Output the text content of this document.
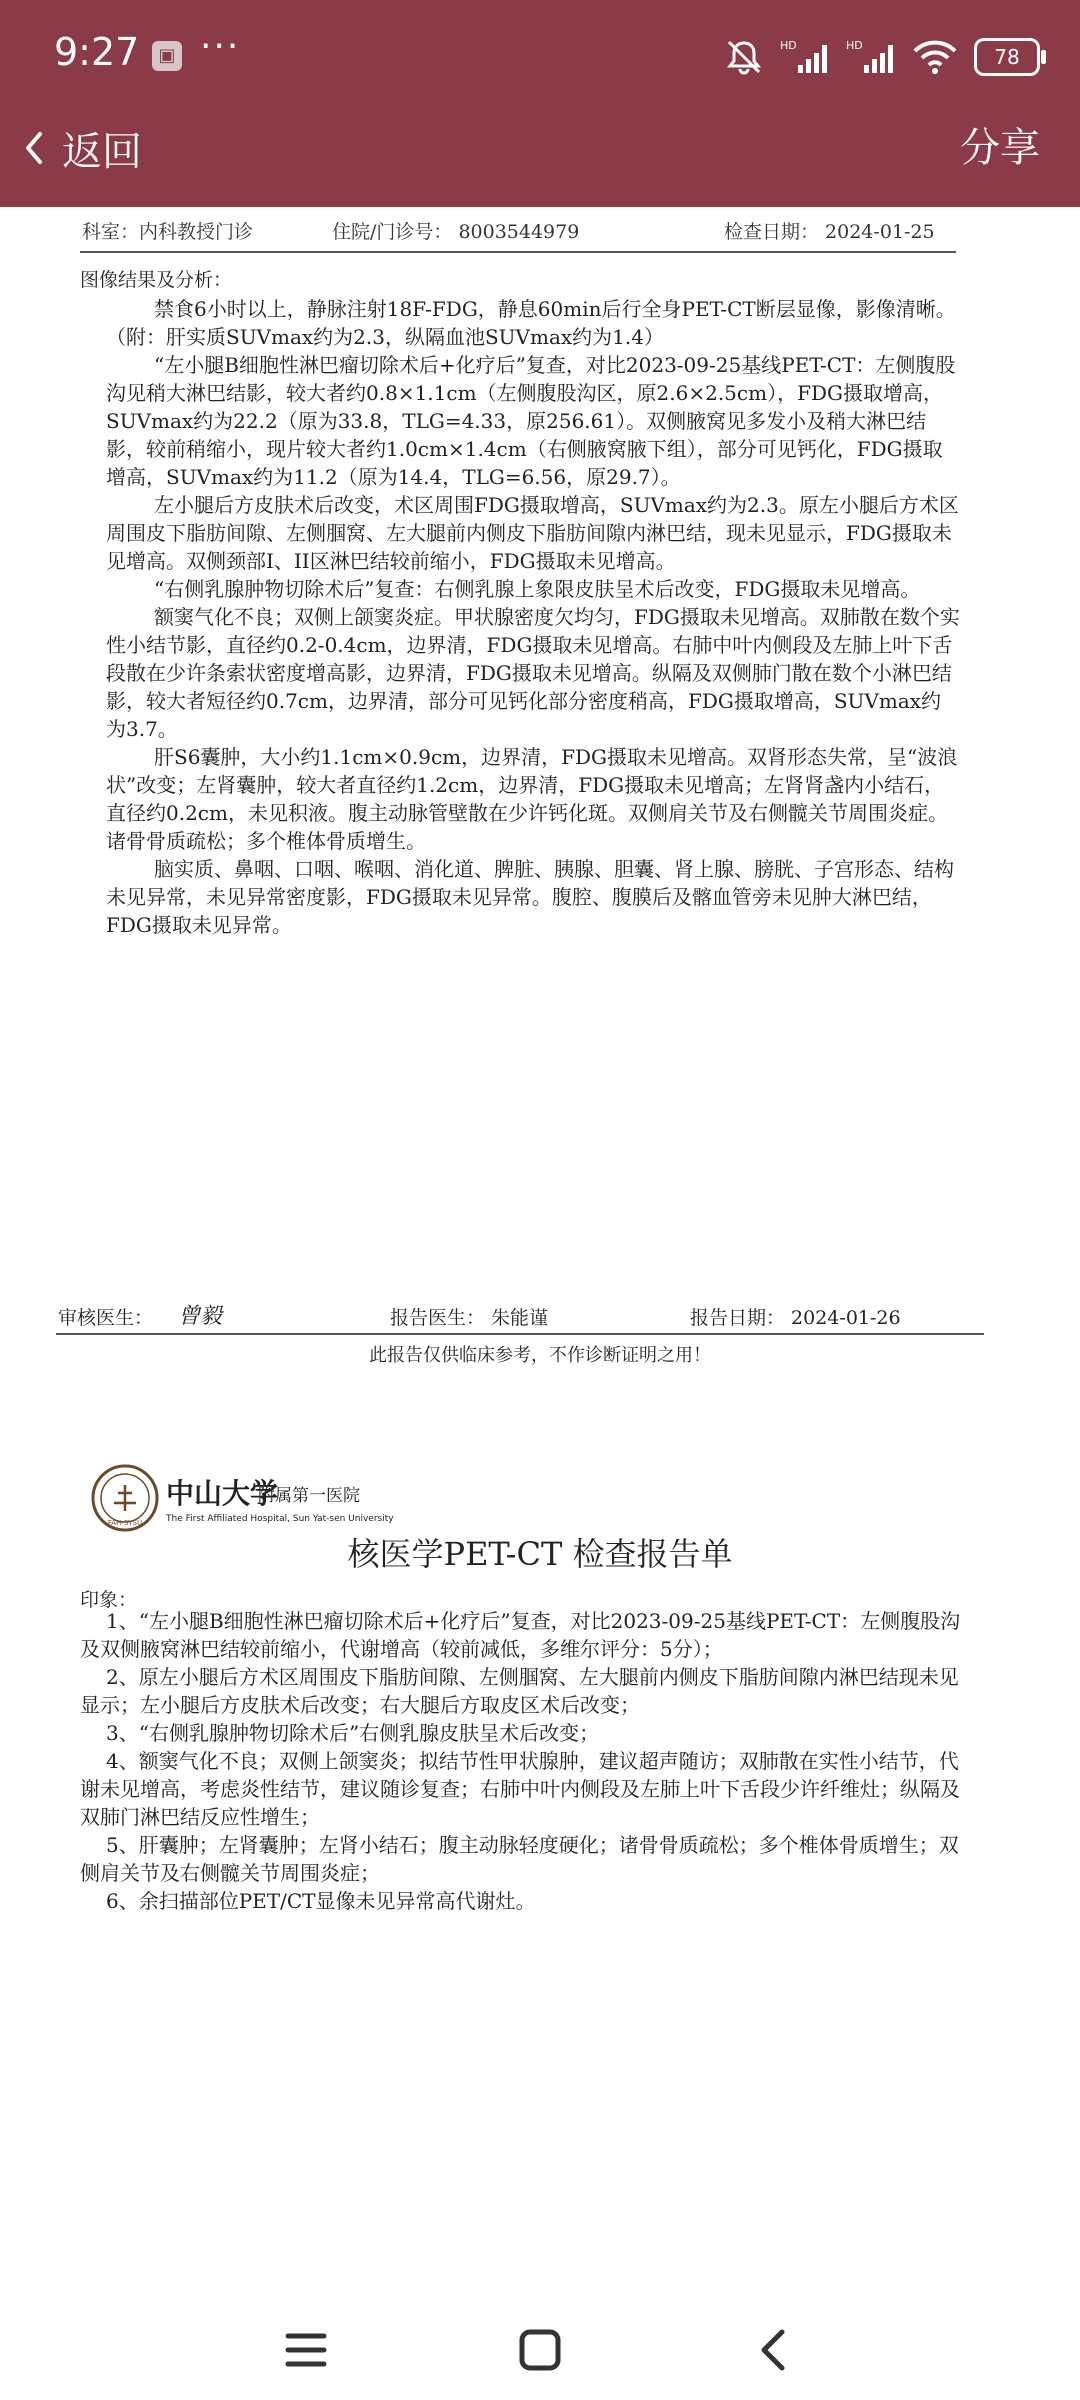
9:27	▣ ···	HD	HD	78
返回	分享
科室：内科教授门诊	住院/门诊号： 8003544979	检查日期： 2024-01-25
图像结果及分析：

禁食6小时以上，静脉注射18F-FDG，静息60min后行全身PET-CT断层显像，影像清晰。（附：肝实质SUVmax约为2.3，纵隔血池SUVmax约为1.4）

“左小腿B细胞性淋巴瘤切除术后+化疗后”复查，对比2023-09-25基线PET-CT：左侧腹股沟见稍大淋巴结影，较大者约0.8×1.1cm（左侧腹股沟区，原2.6×2.5cm），FDG摄取增高，SUVmax约为22.2（原为33.8，TLG=4.33，原256.61）。双侧腋窝见多发小及稍大淋巴结影，较前稍缩小，现片较大者约1.0cm×1.4cm（右侧腋窝腋下组），部分可见钙化，FDG摄取增高，SUVmax约为11.2（原为14.4，TLG=6.56，原29.7）。

左小腿后方皮肤术后改变，术区周围FDG摄取增高，SUVmax约为2.3。原左小腿后方术区周围皮下脂肪间隙、左侧腘窝、左大腿前内侧皮下脂肪间隙内淋巴结，现未见显示，FDG摄取未见增高。双侧颈部I、II区淋巴结较前缩小，FDG摄取未见增高。

“右侧乳腺肿物切除术后”复查：右侧乳腺上象限皮肤呈术后改变，FDG摄取未见增高。

额窦气化不良；双侧上颌窦炎症。甲状腺密度欠均匀，FDG摄取未见增高。双肺散在数个实性小结节影，直径约0.2-0.4cm，边界清，FDG摄取未见增高。右肺中叶内侧段及左肺上叶下舌段散在少许条索状密度增高影，边界清，FDG摄取未见增高。纵隔及双侧肺门散在数个小淋巴结影，较大者短径约0.7cm，边界清，部分可见钙化部分密度稍高，FDG摄取增高，SUVmax约为3.7。

肝S6囊肿，大小约1.1cm×0.9cm，边界清，FDG摄取未见增高。双肾形态失常，呈“波浪状”改变；左肾囊肿，较大者直径约1.2cm，边界清，FDG摄取未见增高；左肾肾盏内小结石，直径约0.2cm，未见积液。腹主动脉管壁散在少许钙化斑。双侧肩关节及右侧髋关节周围炎症。诸骨骨质疏松；多个椎体骨质增生。

脑实质、鼻咽、口咽、喉咽、消化道、脾脏、胰腺、胆囊、肾上腺、膀胱、子宫形态、结构未见异常，未见异常密度影，FDG摄取未见异常。腹腔、腹膜后及髂血管旁未见肿大淋巴结，FDG摄取未见异常。

审核医生： 曾毅	报告医生： 朱能谨	报告日期： 2024-01-26
此报告仅供临床参考，不作诊断证明之用！
FAH-SYSU
中山大学
附属第一医院
The First Affiliated Hospital, Sun Yat-sen University
核医学PET-CT 检查报告单
印象：

1、“左小腿B细胞性淋巴瘤切除术后+化疗后”复查，对比2023-09-25基线PET-CT：左侧腹股沟及双侧腋窝淋巴结较前缩小，代谢增高（较前减低，多维尔评分：5分）；

2、原左小腿后方术区周围皮下脂肪间隙、左侧腘窝、左大腿前内侧皮下脂肪间隙内淋巴结现未见显示；左小腿后方皮肤术后改变；右大腿后方取皮区术后改变；

3、“右侧乳腺肿物切除术后”右侧乳腺皮肤呈术后改变；

4、额窦气化不良；双侧上颌窦炎；拟结节性甲状腺肿，建议超声随访；双肺散在实性小结节，代谢未见增高，考虑炎性结节，建议随诊复查；右肺中叶内侧段及左肺上叶下舌段少许纤维灶；纵隔及双肺门淋巴结反应性增生；

5、肝囊肿；左肾囊肿；左肾小结石；腹主动脉轻度硬化；诸骨骨质疏松；多个椎体骨质增生；双侧肩关节及右侧髋关节周围炎症；

6、余扫描部位PET/CT显像未见异常高代谢灶。
